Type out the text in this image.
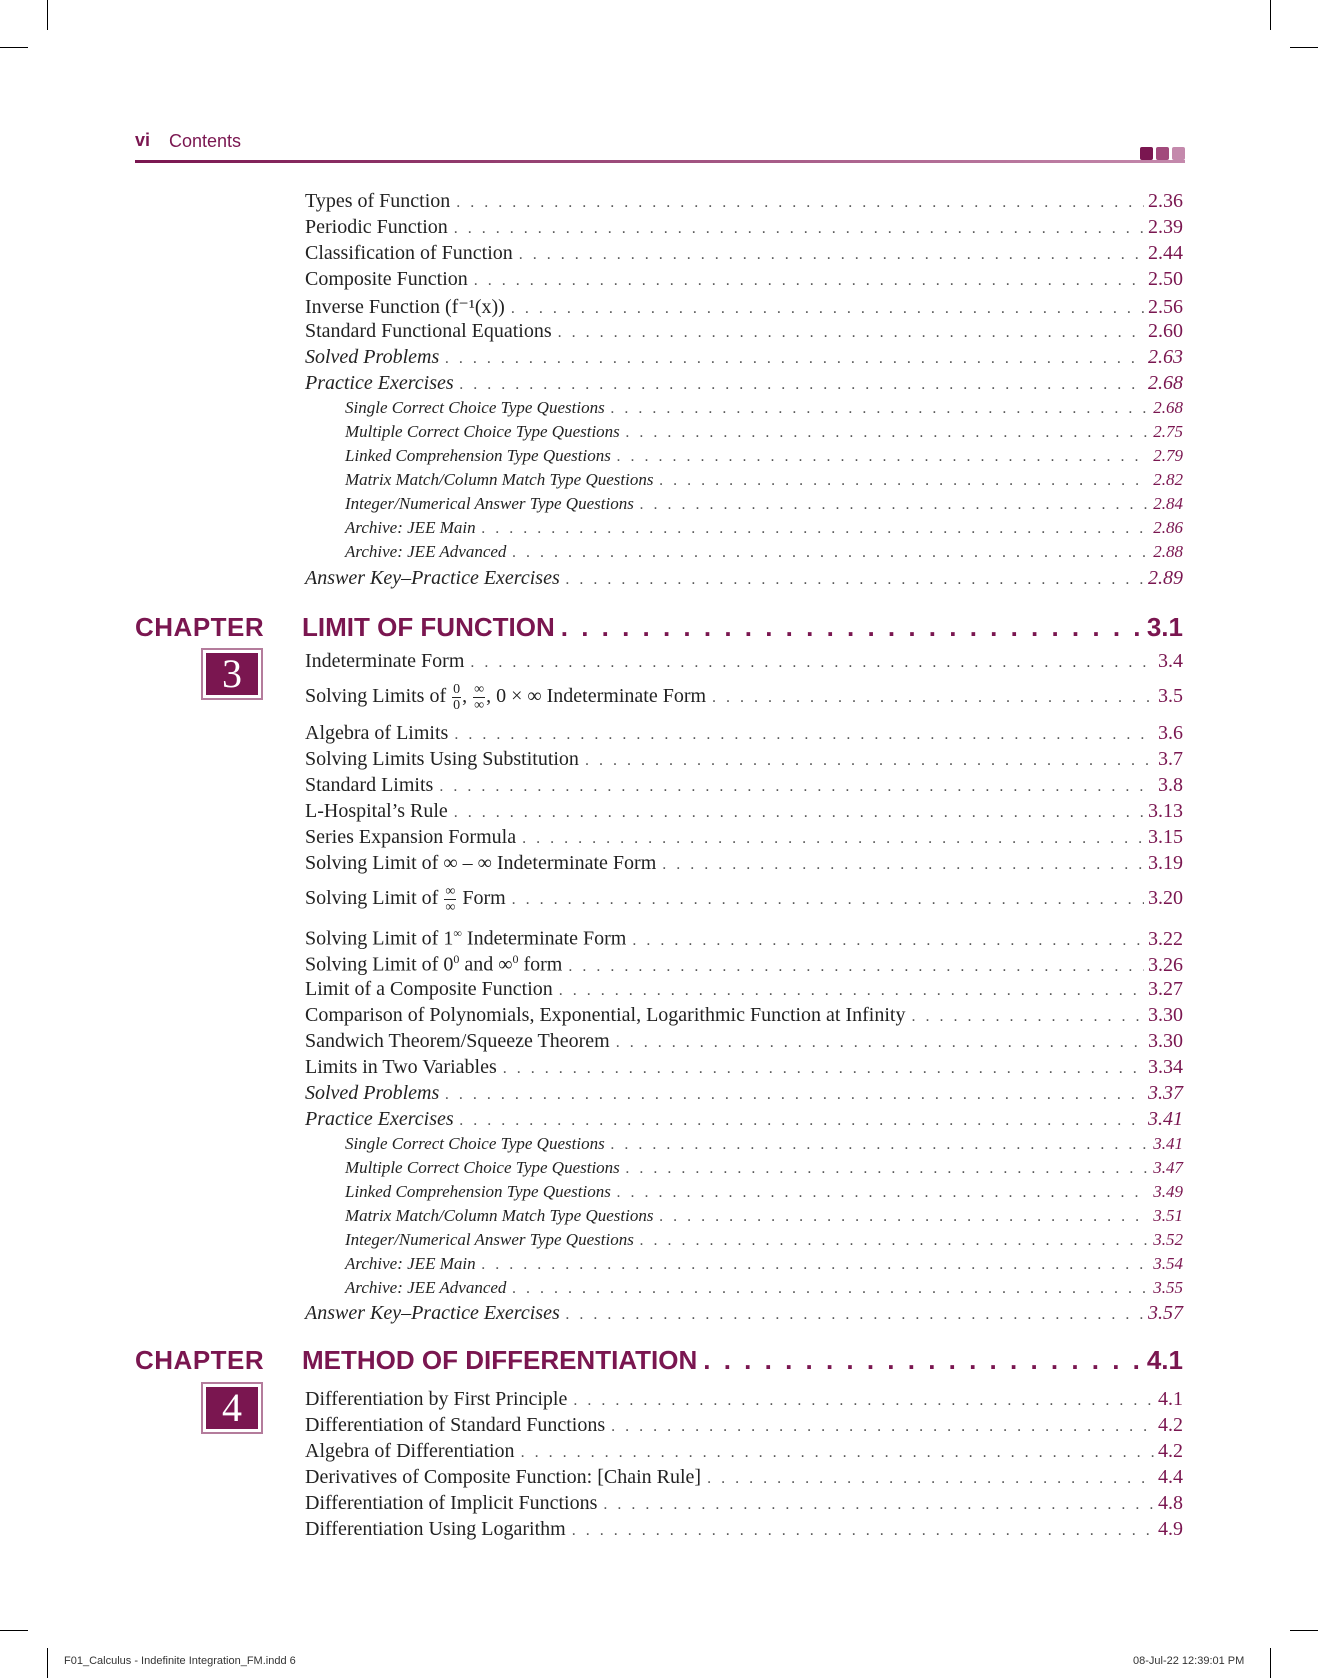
vi Contents
Types of Function . . .	2.36
Periodic Function . . .	2.39
Classification of Function . . .	2.44
Composite Function . . .	2.50
Inverse Function (f⁻¹(x)) . . .	2.56
Standard Functional Equations . . .	2.60
Solved Problems . . .	2.63
Practice Exercises . . .	2.68
Single Correct Choice Type Questions . . .	2.68
Multiple Correct Choice Type Questions . . .	2.75
Linked Comprehension Type Questions . . .	2.79
Matrix Match/Column Match Type Questions . . .	2.82
Integer/Numerical Answer Type Questions . . .	2.84
Archive: JEE Main . . .	2.86
Archive: JEE Advanced . . .	2.88
Answer Key–Practice Exercises . . .	2.89
CHAPTER
3
LIMIT OF FUNCTION . . .	3.1
Indeterminate Form . . .	3.4
Solving Limits of $\frac{0}{0}$ , $\frac{\infty}{\infty}$ , 0 × ∞ Indeterminate Form . . .	3.5
Algebra of Limits . . .	3.6
Solving Limits Using Substitution . . .	3.7
Standard Limits . . .	3.8
L-Hospital’s Rule . . .	3.13
Series Expansion Formula . . .	3.15
Solving Limit of ∞ – ∞ Indeterminate Form . . .	3.19
Solving Limit of $\frac{\infty}{\infty}$ Form . . .	3.20
Solving Limit of 1∞ Indeterminate Form . . .	3.22
Solving Limit of $0^0$ and ∞$^0$ form . . .	3.26
Limit of a Composite Function . . .	3.27
Comparison of Polynomials, Exponential, Logarithmic Function at Infinity . . .	3.30
Sandwich Theorem/Squeeze Theorem . . .	3.30
Limits in Two Variables . . .	3.34
Solved Problems . . .	3.37
Practice Exercises . . .	3.41
Single Correct Choice Type Questions . . .	3.41
Multiple Correct Choice Type Questions . . .	3.47
Linked Comprehension Type Questions . . .	3.49
Matrix Match/Column Match Type Questions . . .	3.51
Integer/Numerical Answer Type Questions . . .	3.52
Archive: JEE Main . . .	3.54
Archive: JEE Advanced . . .	3.55
Answer Key–Practice Exercises . . .	3.57
CHAPTER
4
METHOD OF DIFFERENTIATION . . .	4.1
Differentiation by First Principle . . .	4.1
Differentiation of Standard Functions . . .	4.2
Algebra of Differentiation . . .	4.2
Derivatives of Composite Function: [Chain Rule] . . .	4.4
Differentiation of Implicit Functions . . .	4.8
Differentiation Using Logarithm . . .	4.9
F01_Calculus - Indefinite Integration_FM.indd 6	08-Jul-22 12:39:01 PM
